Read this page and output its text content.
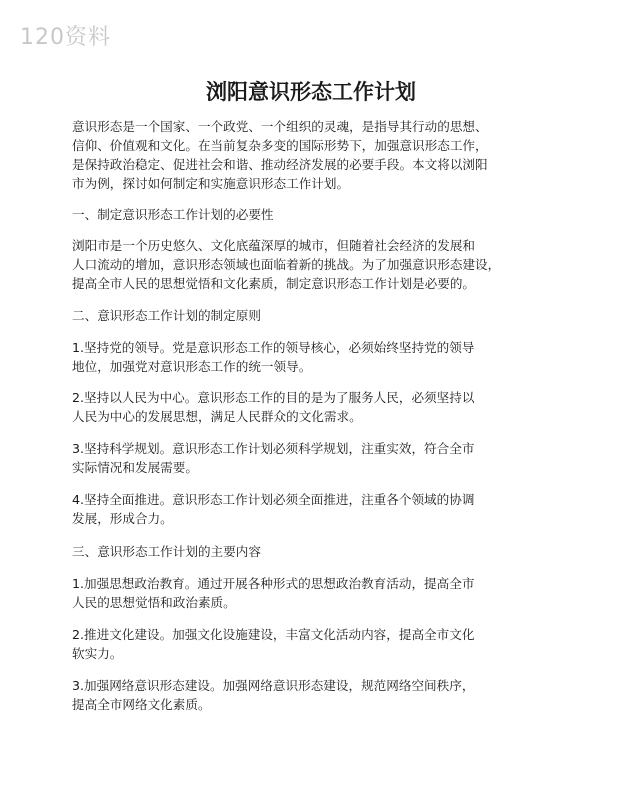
120资料
浏阳意识形态工作计划

意识形态是一个国家、一个政党、一个组织的灵魂，是指导其行动的思想、
信仰、价值观和文化。在当前复杂多变的国际形势下，加强意识形态工作，
是保持政治稳定、促进社会和谐、推动经济发展的必要手段。本文将以浏阳
市为例，探讨如何制定和实施意识形态工作计划。

一、制定意识形态工作计划的必要性

浏阳市是一个历史悠久、文化底蕴深厚的城市，但随着社会经济的发展和
人口流动的增加，意识形态领域也面临着新的挑战。为了加强意识形态建设，
提高全市人民的思想觉悟和文化素质，制定意识形态工作计划是必要的。

二、意识形态工作计划的制定原则

1.坚持党的领导。党是意识形态工作的领导核心，必须始终坚持党的领导
地位，加强党对意识形态工作的统一领导。

2.坚持以人民为中心。意识形态工作的目的是为了服务人民，必须坚持以
人民为中心的发展思想，满足人民群众的文化需求。

3.坚持科学规划。意识形态工作计划必须科学规划，注重实效，符合全市
实际情况和发展需要。

4.坚持全面推进。意识形态工作计划必须全面推进，注重各个领域的协调
发展，形成合力。

三、意识形态工作计划的主要内容

1.加强思想政治教育。通过开展各种形式的思想政治教育活动，提高全市
人民的思想觉悟和政治素质。

2.推进文化建设。加强文化设施建设，丰富文化活动内容，提高全市文化
软实力。

3.加强网络意识形态建设。加强网络意识形态建设，规范网络空间秩序，
提高全市网络文化素质。
